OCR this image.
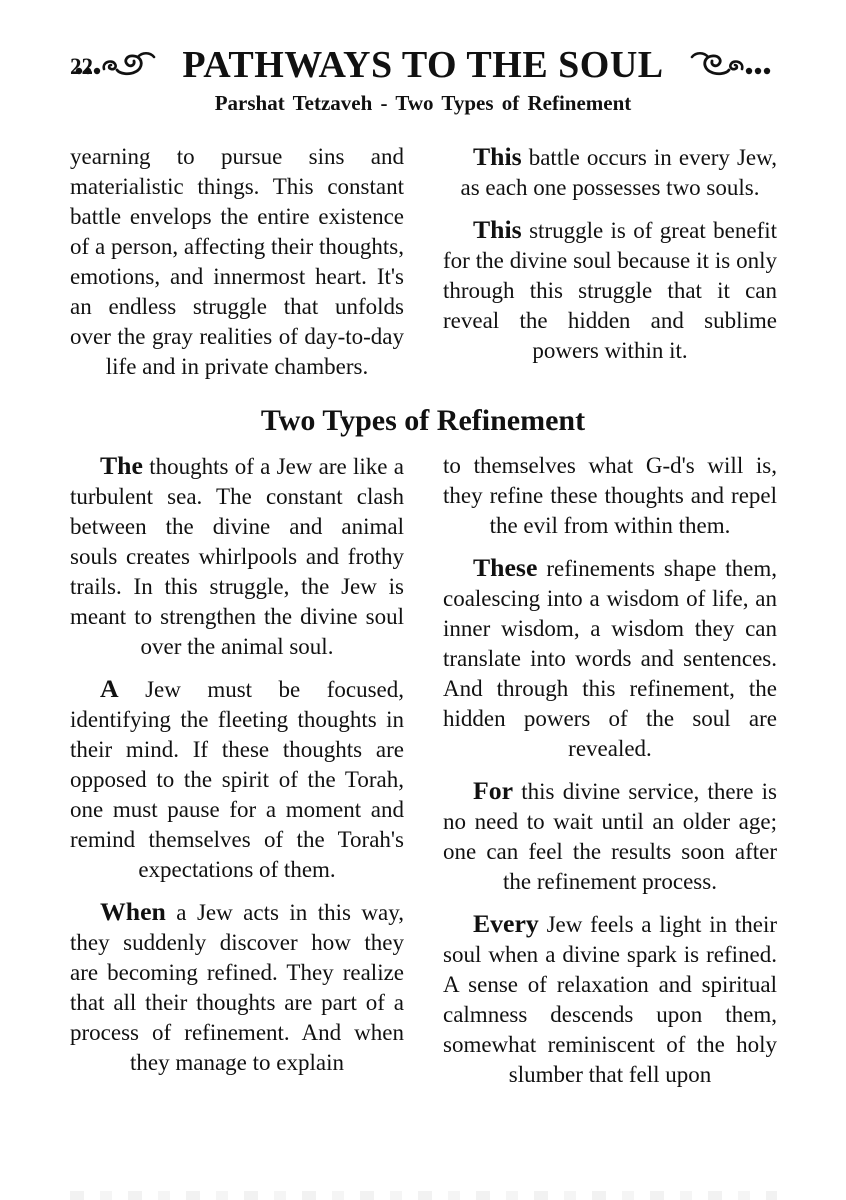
22 PATHWAYS TO THE SOUL
Parshat Tetzaveh - Two Types of Refinement

yearning to pursue sins and materialistic things. This constant battle envelops the entire existence of a person, affecting their thoughts, emotions, and innermost heart. It's an endless struggle that unfolds over the gray realities of day-to-day life and in private chambers.

This battle occurs in every Jew, as each one possesses two souls.

This struggle is of great benefit for the divine soul because it is only through this struggle that it can reveal the hidden and sublime powers within it.

Two Types of Refinement

The thoughts of a Jew are like a turbulent sea. The constant clash between the divine and animal souls creates whirlpools and frothy trails. In this struggle, the Jew is meant to strengthen the divine soul over the animal soul.

A Jew must be focused, identifying the fleeting thoughts in their mind. If these thoughts are opposed to the spirit of the Torah, one must pause for a moment and remind themselves of the Torah's expectations of them.

When a Jew acts in this way, they suddenly discover how they are becoming refined. They realize that all their thoughts are part of a process of refinement. And when they manage to explain

to themselves what G-d's will is, they refine these thoughts and repel the evil from within them.

These refinements shape them, coalescing into a wisdom of life, an inner wisdom, a wisdom they can translate into words and sentences. And through this refinement, the hidden powers of the soul are revealed.

For this divine service, there is no need to wait until an older age; one can feel the results soon after the refinement process.

Every Jew feels a light in their soul when a divine spark is refined. A sense of relaxation and spiritual calmness descends upon them, somewhat reminiscent of the holy slumber that fell upon
